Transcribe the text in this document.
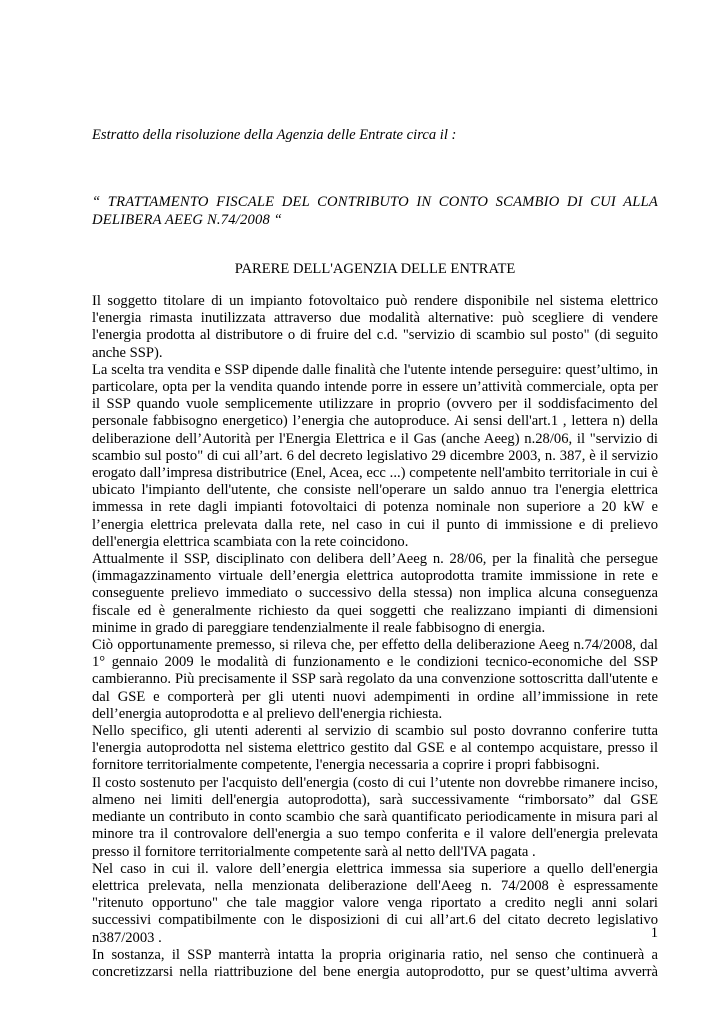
Estratto della risoluzione della Agenzia delle Entrate circa il :
“ TRATTAMENTO FISCALE DEL CONTRIBUTO IN CONTO SCAMBIO DI CUI ALLA DELIBERA AEEG N.74/2008 “
PARERE DELL'AGENZIA DELLE ENTRATE

Il soggetto titolare di un impianto fotovoltaico può rendere disponibile nel sistema elettrico l'energia rimasta inutilizzata attraverso due modalità alternative: può scegliere di vendere l'energia prodotta al distributore o di fruire del c.d. "servizio di scambio sul posto" (di seguito anche SSP).

La scelta tra vendita e SSP dipende dalle finalità che l'utente intende perseguire: quest’ultimo, in particolare, opta per la vendita quando intende porre in essere un’attività commerciale, opta per il SSP quando vuole semplicemente utilizzare in proprio (ovvero per il soddisfacimento del personale fabbisogno energetico) l’energia che autoproduce. Ai sensi dell'art.1 , lettera n) della deliberazione dell’Autorità per l'Energia Elettrica e il Gas (anche Aeeg) n.28/06, il "servizio di scambio sul posto" di cui all’art. 6 del decreto legislativo 29 dicembre 2003, n. 387, è il servizio erogato dall’impresa distributrice (Enel, Acea, ecc ...) competente nell'ambito territoriale in cui è ubicato l'impianto dell'utente, che consiste nell'operare un saldo annuo tra l'energia elettrica immessa in rete dagli impianti fotovoltaici di potenza nominale non superiore a 20 kW e l’energia elettrica prelevata dalla rete, nel caso in cui il punto di immissione e di prelievo dell'energia elettrica scambiata con la rete coincidono.

Attualmente il SSP, disciplinato con delibera dell’Aeeg n. 28/06, per la finalità che persegue (immagazzinamento virtuale dell’energia elettrica autoprodotta tramite immissione in rete e conseguente prelievo immediato o successivo della stessa) non implica alcuna conseguenza fiscale ed è generalmente richiesto da quei soggetti che realizzano impianti di dimensioni minime in grado di pareggiare tendenzialmente il reale fabbisogno di energia.

Ciò opportunamente premesso, si rileva che, per effetto della deliberazione Aeeg n.74/2008, dal 1° gennaio 2009 le modalità di funzionamento e le condizioni tecnico-economiche del SSP cambieranno. Più precisamente il SSP sarà regolato da una convenzione sottoscritta dall'utente e dal GSE e comporterà per gli utenti nuovi adempimenti in ordine all’immissione in rete dell’energia autoprodotta e al prelievo dell'energia richiesta.

Nello specifico, gli utenti aderenti al servizio di scambio sul posto dovranno conferire tutta l'energia autoprodotta nel sistema elettrico gestito dal GSE e al contempo acquistare, presso il fornitore territorialmente competente, l'energia necessaria a coprire i propri fabbisogni.

Il costo sostenuto per l'acquisto dell'energia (costo di cui l’utente non dovrebbe rimanere inciso, almeno nei limiti dell'energia autoprodotta), sarà successivamente “rimborsato” dal GSE mediante un contributo in conto scambio che sarà quantificato periodicamente in misura pari al minore tra il controvalore dell'energia a suo tempo conferita e il valore dell'energia prelevata presso il fornitore territorialmente competente sarà al netto dell'IVA pagata .

Nel caso in cui il. valore dell’energia elettrica immessa sia superiore a quello dell'energia elettrica prelevata, nella menzionata deliberazione dell'Aeeg n. 74/2008 è espressamente "ritenuto opportuno" che tale maggior valore venga riportato a credito negli anni solari successivi compatibilmente con le disposizioni di cui all’art.6 del citato decreto legislativo n387/2003 .

In sostanza, il SSP manterrà intatta la propria originaria ratio, nel senso che continuerà a concretizzarsi nella riattribuzione del bene energia autoprodotto, pur se quest’ultima avverrà

1
